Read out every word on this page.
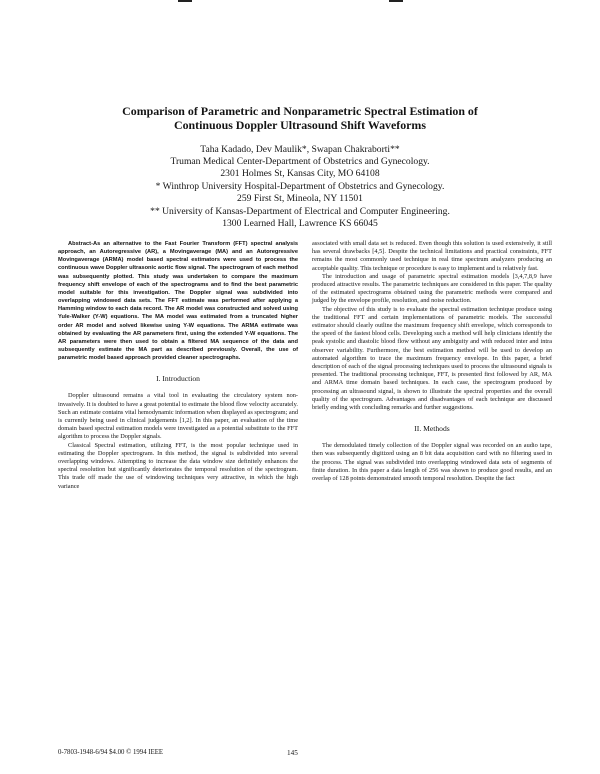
Comparison of Parametric and Nonparametric Spectral Estimation of
Continuous Doppler Ultrasound Shift Waveforms
Taha Kadado, Dev Maulik*, Swapan Chakraborti**
Truman Medical Center-Department of Obstetrics and Gynecology.
2301 Holmes St, Kansas City, MO 64108
* Winthrop University Hospital-Department of Obstetrics and Gynecology.
259 First St, Mineola, NY 11501
** University of Kansas-Department of Electrical and Computer Engineering.
1300 Learned Hall, Lawrence KS 66045

Abstract-As an alternative to the Fast Fourier Transform (FFT) spectral analysis approach, an Autoregressive (AR), a Movingaverage (MA) and an Autoregressive Movingaverage (ARMA) model based spectral estimators were used to process the continuous wave Doppler ultrasonic aortic flow signal. The spectrogram of each method was subsequently plotted. This study was undertaken to compare the maximum frequency shift envelope of each of the spectrograms and to find the best parametric model suitable for this investigation. The Doppler signal was subdivided into overlapping windowed data sets. The FFT estimate was performed after applying a Hamming window to each data record. The AR model was constructed and solved using Yule-Walker (Y-W) equations. The MA model was estimated from a truncated higher order AR model and solved likewise using Y-W equations. The ARMA estimate was obtained by evaluating the AR parameters first, using the extended Y-W equations. The AR parameters were then used to obtain a filtered MA sequence of the data and subsequently estimate the MA part as described previously. Overall, the use of parametric model based approach provided cleaner spectrographs.

I. Introduction

Doppler ultrasound remains a vital tool in evaluating the circulatory system non-invasively. It is doubted to have a great potential to estimate the blood flow velocity accurately. Such an estimate contains vital hemodynamic information when displayed as spectrogram; and is currently being used in clinical judgements [1,2]. In this paper, an evaluation of the time domain based spectral estimation models were investigated as a potential substitute to the FFT algorithm to process the Doppler signals.

Classical Spectral estimation, utilizing FFT, is the most popular technique used in estimating the Doppler spectrogram. In this method, the signal is subdivided into several overlapping windows. Attempting to increase the data window size definitely enhances the spectral resolution but significantly deteriorates the temporal resolution of the spectrogram. This trade off made the use of windowing techniques very attractive, in which the high variance

associated with small data set is reduced. Even though this solution is used extensively, it still has several drawbacks [4,5]. Despite the technical limitations and practical constraints, FFT remains the most commonly used technique in real time spectrum analyzers producing an acceptable quality. This technique or procedure is easy to implement and is relatively fast.

The introduction and usage of parametric spectral estimation models [3,4,7,8,9 have produced attractive results. The parametric techniques are considered in this paper. The quality of the estimated spectrograms obtained using the parametric methods were compared and judged by the envelope profile, resolution, and noise reduction.

The objective of this study is to evaluate the spectral estimation technique produce using the traditional FFT and certain implementations of parametric models. The successful estimator should clearly outline the maximum frequency shift envelope, which corresponds to the speed of the fastest blood cells. Developing such a method will help clinicians identify the peak systolic and diastolic blood flow without any ambiguity and with reduced inter and intra observer variability. Furthermore, the best estimation method will be used to develop an automated algorithm to trace the maximum frequency envelope. In this paper, a brief description of each of the signal processing techniques used to process the ultrasound signals is presented. The traditional processing technique, FFT, is presented first followed by AR, MA and ARMA time domain based techniques. In each case, the spectrogram produced by processing an ultrasound signal, is shown to illustrate the spectral properties and the overall quality of the spectrogram. Advantages and disadvantages of each technique are discussed briefly ending with concluding remarks and further suggestions.

II. Methods

The demodulated timely collection of the Doppler signal was recorded on an audio tape, then was subsequently digitized using an 8 bit data acquisition card with no filtering used in the process. The signal was subdivided into overlapping windowed data sets of segments of finite duration. In this paper a data length of 256 was shown to produce good results, and an overlap of 128 points demonstrated smooth temporal resolution. Despite the fact

0-7803-1948-6/94 $4.00 © 1994 IEEE	145
